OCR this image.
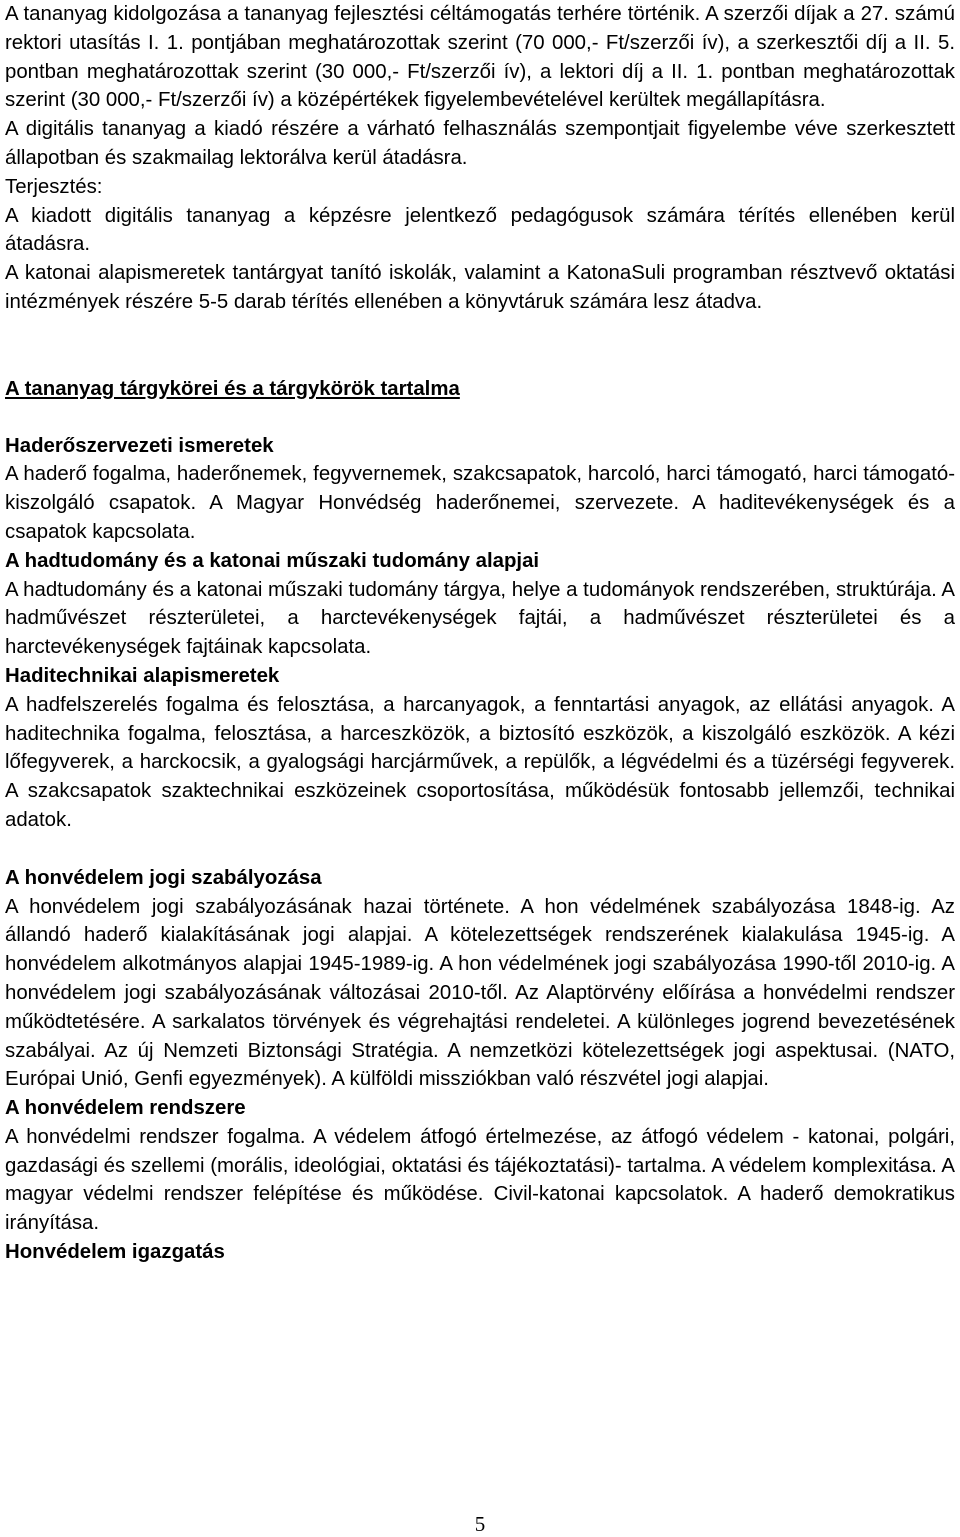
A tananyag kidolgozása a tananyag fejlesztési céltámogatás terhére történik. A szerzői díjak a 27. számú rektori utasítás I. 1. pontjában meghatározottak szerint (70 000,- Ft/szerzői ív), a szerkesztői díj a II. 5. pontban meghatározottak szerint (30 000,- Ft/szerzői ív), a lektori díj a II. 1. pontban meghatározottak szerint (30 000,- Ft/szerzői ív) a középértékek figyelembevételével kerültek megállapításra.

A digitális tananyag a kiadó részére a várható felhasználás szempontjait figyelembe véve szerkesztett állapotban és szakmailag lektorálva kerül átadásra.

Terjesztés:

A kiadott digitális tananyag a képzésre jelentkező pedagógusok számára térítés ellenében kerül átadásra.

A katonai alapismeretek tantárgyat tanító iskolák, valamint a KatonaSuli programban résztvevő oktatási intézmények részére 5-5 darab térítés ellenében a könyvtáruk számára lesz átadva.

A tananyag tárgykörei és a tárgykörök tartalma
Haderőszervezeti ismeretek

A haderő fogalma, haderőnemek, fegyvernemek, szakcsapatok, harcoló, harci támogató, harci támogató-kiszolgáló csapatok. A Magyar Honvédség haderőnemei, szervezete. A haditevékenységek és a csapatok kapcsolata.

A hadtudomány és a katonai műszaki tudomány alapjai

A hadtudomány és a katonai műszaki tudomány tárgya, helye a tudományok rendszerében, struktúrája. A hadművészet részterületei, a harctevékenységek fajtái, a hadművészet részterületei és a harctevékenységek fajtáinak kapcsolata.

Haditechnikai alapismeretek

A hadfelszerelés fogalma és felosztása, a harcanyagok, a fenntartási anyagok, az ellátási anyagok. A haditechnika fogalma, felosztása, a harceszközök, a biztosító eszközök, a kiszolgáló eszközök. A kézi lőfegyverek, a harckocsik, a gyalogsági harcjárművek, a repülők, a légvédelmi és a tüzérségi fegyverek. A szakcsapatok szaktechnikai eszközeinek csoportosítása, működésük fontosabb jellemzői, technikai adatok.

A honvédelem jogi szabályozása

A honvédelem jogi szabályozásának hazai története. A hon védelmének szabályozása 1848-ig. Az állandó haderő kialakításának jogi alapjai. A kötelezettségek rendszerének kialakulása 1945-ig. A honvédelem alkotmányos alapjai 1945-1989-ig. A hon védelmének jogi szabályozása 1990-től 2010-ig. A honvédelem jogi szabályozásának változásai 2010-től. Az Alaptörvény előírása a honvédelmi rendszer működtetésére. A sarkalatos törvények és végrehajtási rendeletei. A különleges jogrend bevezetésének szabályai. Az új Nemzeti Biztonsági Stratégia. A nemzetközi kötelezettségek jogi aspektusai. (NATO, Európai Unió, Genfi egyezmények). A külföldi missziókban való részvétel jogi alapjai.

A honvédelem rendszere

A honvédelmi rendszer fogalma. A védelem átfogó értelmezése, az átfogó védelem - katonai, polgári, gazdasági és szellemi (morális, ideológiai, oktatási és tájékoztatási)- tartalma. A védelem komplexitása. A magyar védelmi rendszer felépítése és működése. Civil-katonai kapcsolatok. A haderő demokratikus irányítása.

Honvédelem igazgatás
5
